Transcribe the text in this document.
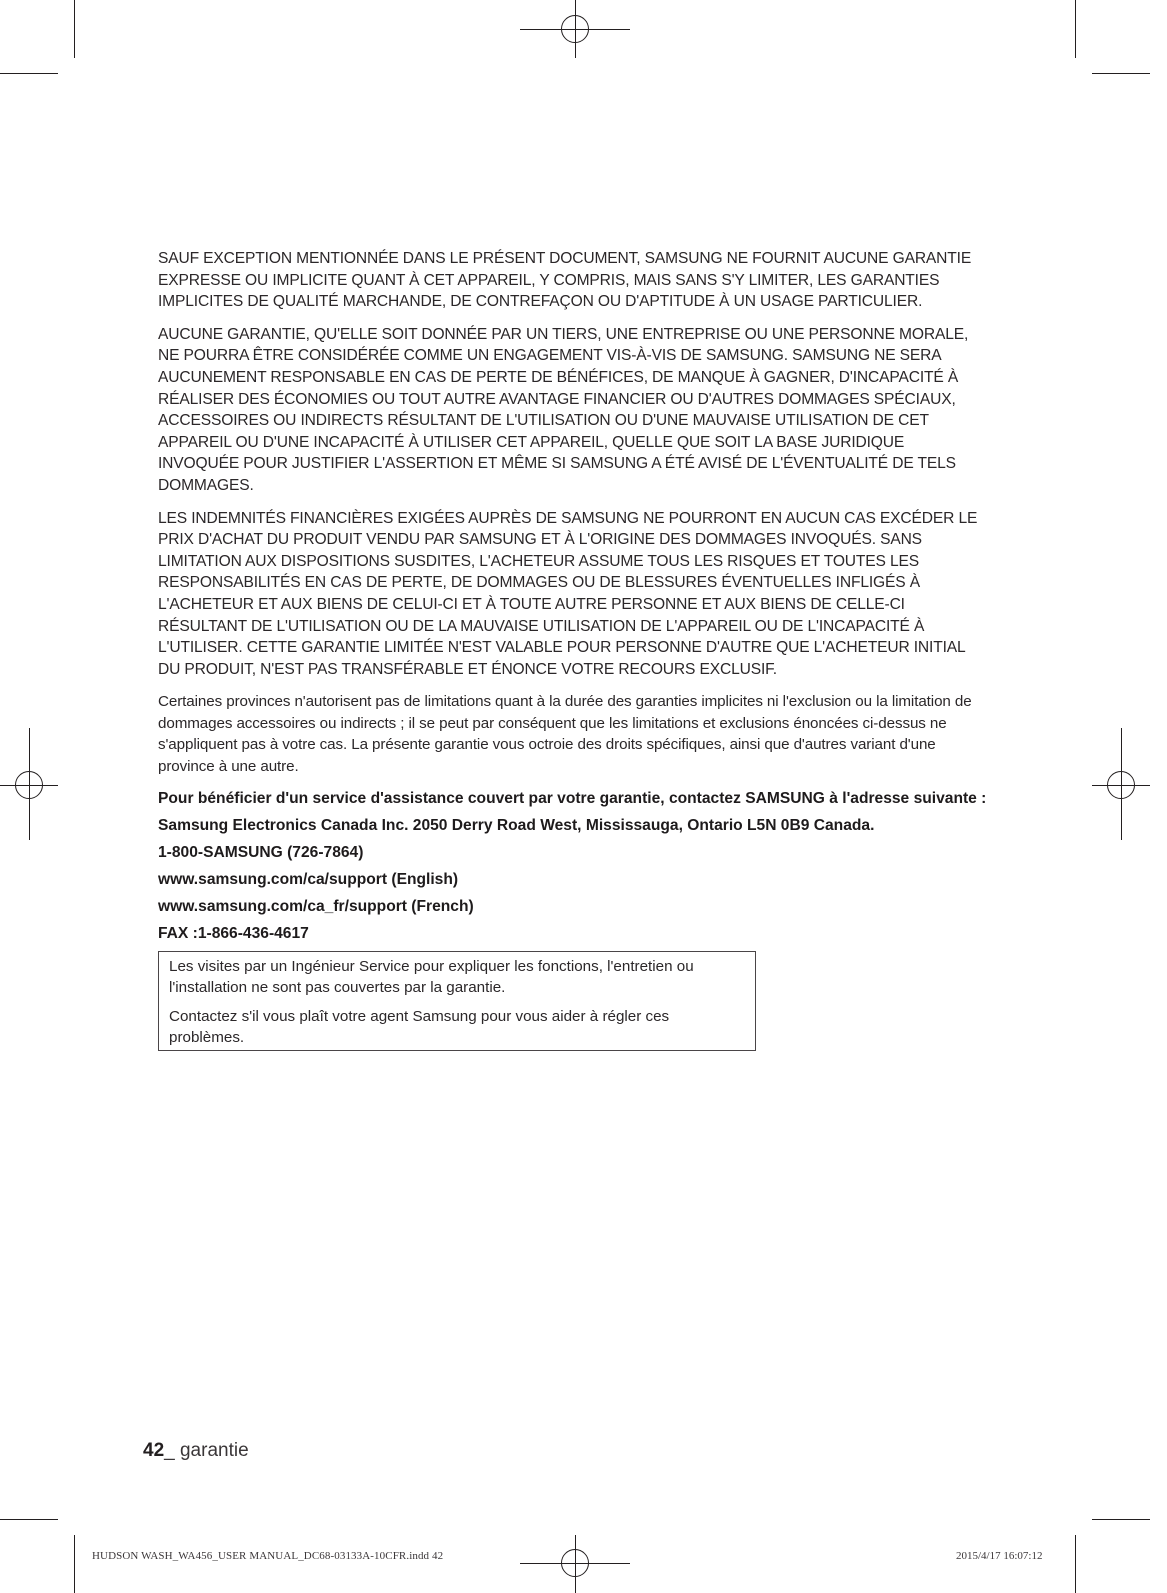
SAUF EXCEPTION MENTIONNÉE DANS LE PRÉSENT DOCUMENT, SAMSUNG NE FOURNIT AUCUNE GARANTIE EXPRESSE OU IMPLICITE QUANT À CET APPAREIL, Y COMPRIS, MAIS SANS S'Y LIMITER, LES GARANTIES IMPLICITES DE QUALITÉ MARCHANDE, DE CONTREFAÇON OU D'APTITUDE À UN USAGE PARTICULIER.

AUCUNE GARANTIE, QU'ELLE SOIT DONNÉE PAR UN TIERS, UNE ENTREPRISE OU UNE PERSONNE MORALE, NE POURRA ÊTRE CONSIDÉRÉE COMME UN ENGAGEMENT VIS-À-VIS DE SAMSUNG. SAMSUNG NE SERA AUCUNEMENT RESPONSABLE EN CAS DE PERTE DE BÉNÉFICES, DE MANQUE À GAGNER, D'INCAPACITÉ À RÉALISER DES ÉCONOMIES OU TOUT AUTRE AVANTAGE FINANCIER OU D'AUTRES DOMMAGES SPÉCIAUX, ACCESSOIRES OU INDIRECTS RÉSULTANT DE L'UTILISATION OU D'UNE MAUVAISE UTILISATION DE CET APPAREIL OU D'UNE INCAPACITÉ À UTILISER CET APPAREIL, QUELLE QUE SOIT LA BASE JURIDIQUE INVOQUÉE POUR JUSTIFIER L'ASSERTION ET MÊME SI SAMSUNG A ÉTÉ AVISÉ DE L'ÉVENTUALITÉ DE TELS DOMMAGES.

LES INDEMNITÉS FINANCIÈRES EXIGÉES AUPRÈS DE SAMSUNG NE POURRONT EN AUCUN CAS EXCÉDER LE PRIX D'ACHAT DU PRODUIT VENDU PAR SAMSUNG ET À L'ORIGINE DES DOMMAGES INVOQUÉS. SANS LIMITATION AUX DISPOSITIONS SUSDITES, L'ACHETEUR ASSUME TOUS LES RISQUES ET TOUTES LES RESPONSABILITÉS EN CAS DE PERTE, DE DOMMAGES OU DE BLESSURES ÉVENTUELLES INFLIGÉS À L'ACHETEUR ET AUX BIENS DE CELUI-CI ET À TOUTE AUTRE PERSONNE ET AUX BIENS DE CELLE-CI RÉSULTANT DE L'UTILISATION OU DE LA MAUVAISE UTILISATION DE L'APPAREIL OU DE L'INCAPACITÉ À L'UTILISER. CETTE GARANTIE LIMITÉE N'EST VALABLE POUR PERSONNE D'AUTRE QUE L'ACHETEUR INITIAL DU PRODUIT, N'EST PAS TRANSFÉRABLE ET ÉNONCE VOTRE RECOURS EXCLUSIF.

Certaines provinces n'autorisent pas de limitations quant à la durée des garanties implicites ni l'exclusion ou la limitation de dommages accessoires ou indirects ; il se peut par conséquent que les limitations et exclusions énoncées ci-dessus ne s'appliquent pas à votre cas. La présente garantie vous octroie des droits spécifiques, ainsi que d'autres variant d'une province à une autre.

Pour bénéficier d'un service d'assistance couvert par votre garantie, contactez SAMSUNG à l'adresse suivante :

Samsung Electronics Canada Inc. 2050 Derry Road West, Mississauga, Ontario L5N 0B9 Canada.

1-800-SAMSUNG (726-7864)

www.samsung.com/ca/support (English)

www.samsung.com/ca_fr/support (French)

FAX :1-866-436-4617

Les visites par un Ingénieur Service pour expliquer les fonctions, l'entretien ou l'installation ne sont pas couvertes par la garantie.

Contactez s'il vous plaît votre agent Samsung pour vous aider à régler ces problèmes.

42_ garantie
HUDSON WASH_WA456_USER MANUAL_DC68-03133A-10CFR.indd 42	2015/4/17 16:07:12
